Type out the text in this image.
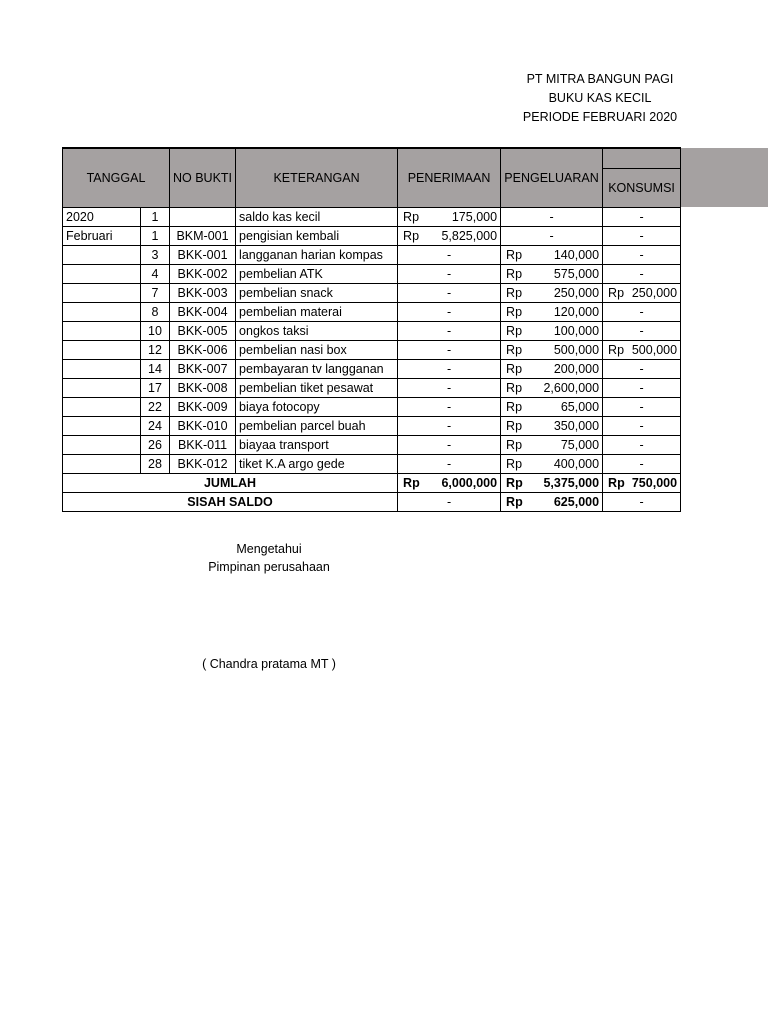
PT MITRA BANGUN PAGI
BUKU KAS KECIL
PERIODE FEBRUARI 2020
TANGGAL		NO BUKTI	KETERANGAN	PENERIMAAN	PENGELUARAN	
						KONSUMSI
2020	1		saldo kas kecil	Rp 175,000	-	-
Februari	1	BKM-001	pengisian kembali	Rp 5,825,000	-	-
	3	BKK-001	langganan harian kompas	-	Rp 140,000	-
	4	BKK-002	pembelian ATK	-	Rp 575,000	-
	7	BKK-003	pembelian snack	-	Rp 250,000	Rp 250,000

	8	BKK-004	pembelian materai	-	Rp 120,000	-
	10	BKK-005	ongkos taksi	-	Rp 100,000	-
	12	BKK-006	pembelian nasi box	-	Rp 500,000	Rp 500,000

	14	BKK-007	pembayaran tv langganan	-	Rp 200,000	-
	17	BKK-008	pembelian tiket pesawat	-	Rp 2,600,000	-
	22	BKK-009	biaya fotocopy	-	Rp 65,000	-
	24	BKK-010	pembelian parcel buah	-	Rp 350,000	-
	26	BKK-011	biayaa transport	-	Rp 75,000	-
	28	BKK-012	tiket K.A argo gede	-	Rp 400,000	-
JUMLAH				Rp 6,000,000	Rp 5,375,000	Rp 750,000

SISAH SALDO				-	Rp 625,000	-
Mengetahui
Pimpinan perusahaan
( Chandra pratama MT )
